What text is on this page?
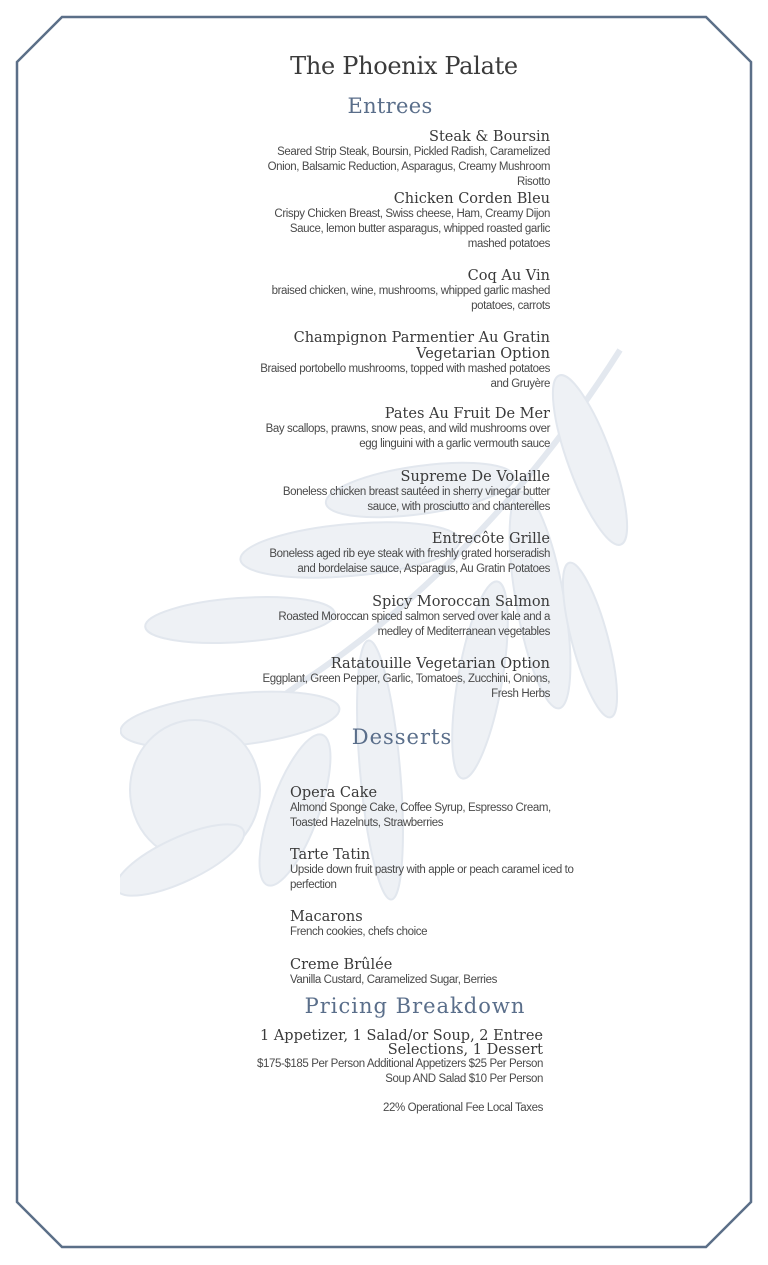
The Phoenix Palate
Entrees
Steak & Boursin
Seared Strip Steak, Boursin, Pickled Radish, Caramelized Onion, Balsamic Reduction, Asparagus, Creamy Mushroom Risotto
Chicken Corden Bleu
Crispy Chicken Breast, Swiss cheese, Ham, Creamy Dijon Sauce, lemon butter asparagus, whipped roasted garlic mashed potatoes
Coq Au Vin
braised chicken, wine, mushrooms, whipped garlic mashed potatoes, carrots
Champignon Parmentier Au Gratin Vegetarian Option
Braised portobello mushrooms, topped with mashed potatoes and Gruyère
Pates Au Fruit De Mer
Bay scallops, prawns, snow peas, and wild mushrooms over egg linguini with a garlic vermouth sauce
Supreme De Volaille
Boneless chicken breast sautéed in sherry vinegar butter sauce, with prosciutto and chanterelles
Entrecôte Grille
Boneless aged rib eye steak with freshly grated horseradish and bordelaise sauce, Asparagus, Au Gratin Potatoes
Spicy Moroccan Salmon
Roasted Moroccan spiced salmon served over kale and a medley of Mediterranean vegetables
Ratatouille Vegetarian Option
Eggplant, Green Pepper, Garlic, Tomatoes, Zucchini, Onions, Fresh Herbs
Desserts
Opera Cake
Almond Sponge Cake, Coffee Syrup, Espresso Cream, Toasted Hazelnuts, Strawberries
Tarte Tatin
Upside down fruit pastry with apple or peach caramel iced to perfection
Macarons
French cookies, chefs choice
Creme Brûlée
Vanilla Custard, Caramelized Sugar, Berries
Pricing Breakdown
1 Appetizer, 1 Salad/or Soup, 2 Entree Selections, 1 Dessert
$175-$185 Per Person Additional Appetizers $25 Per Person Soup AND Salad $10 Per Person
22% Operational Fee Local Taxes
